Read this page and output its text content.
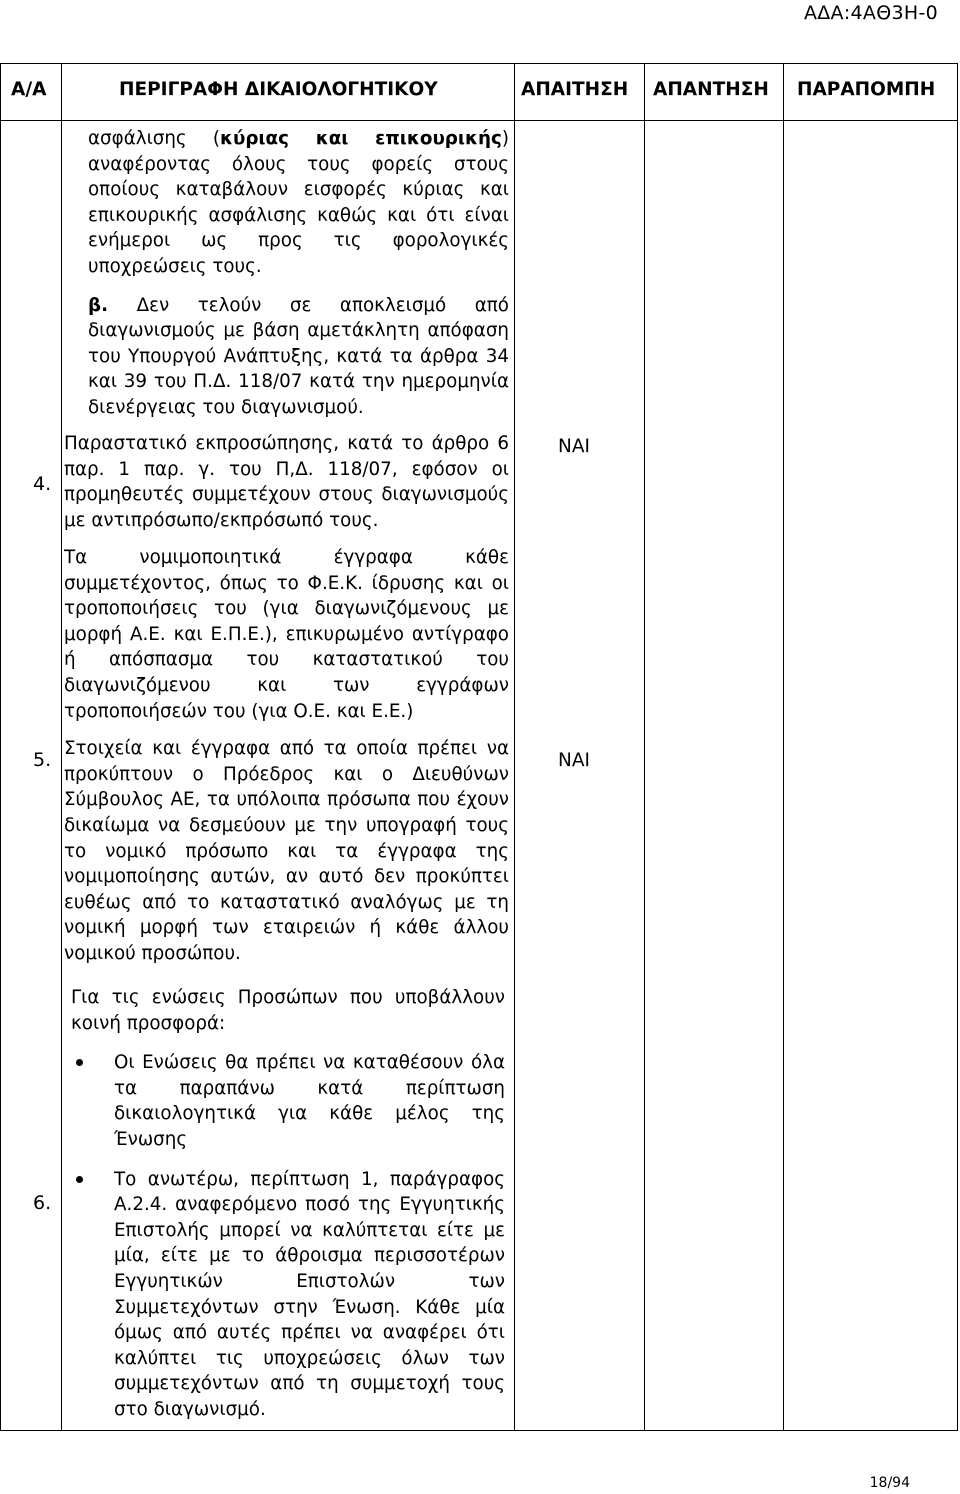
ΑΔΑ:4ΑΘ3Η-0
Α/Α	ΠΕΡΙΓΡΑΦΗ ΔΙΚΑΙΟΛΟΓΗΤΙΚΟΥ	ΑΠΑΙΤΗΣΗ ΑΠΑΝΤΗΣΗ ΠΑΡΑΠΟΜΠΗ

ασφάλισης (κύριας και επικουρικής) αναφέροντας όλους τους φορείς στους οποίους καταβάλουν εισφορές κύριας και επικουρικής ασφάλισης καθώς και ότι είναι ενήμεροι ως προς τις φορολογικές υποχρεώσεις τους.

β. Δεν τελούν σε αποκλεισμό από διαγωνισμούς με βάση αμετάκλητη απόφαση του Υπουργού Ανάπτυξης, κατά τα άρθρα 34 και 39 του Π.Δ. 118/07 κατά την ημερομηνία διενέργειας του διαγωνισμού.

4.
Παραστατικό εκπροσώπησης, κατά το άρθρο 6 παρ. 1 παρ. γ. του Π,Δ. 118/07, εφόσον οι προμηθευτές συμμετέχουν στους διαγωνισμούς με αντιπρόσωπο/εκπρόσωπό τους.
ΝΑΙ
5.

Τα νομιμοποιητικά έγγραφα κάθε συμμετέχοντος, όπως το Φ.Ε.Κ. ίδρυσης και οι τροποποιήσεις του (για διαγωνιζόμενους με μορφή Α.Ε. και Ε.Π.Ε.), επικυρωμένο αντίγραφο ή απόσπασμα του καταστατικού του διαγωνιζόμενου και των εγγράφων τροποποιήσεών του (για Ο.Ε. και Ε.Ε.)

Στοιχεία και έγγραφα από τα οποία πρέπει να προκύπτουν ο Πρόεδρος και ο Διευθύνων Σύμβουλος ΑΕ, τα υπόλοιπα πρόσωπα που έχουν δικαίωμα να δεσμεύουν με την υπογραφή τους το νομικό πρόσωπο και τα έγγραφα της νομιμοποίησης αυτών, αν αυτό δεν προκύπτει ευθέως από το καταστατικό αναλόγως με τη νομική μορφή των εταιρειών ή κάθε άλλου νομικού προσώπου.

ΝΑΙ
6.

Για τις ενώσεις Προσώπων που υποβάλλουν κοινή προσφορά:

Οι Ενώσεις θα πρέπει να καταθέσουν όλα τα παραπάνω κατά περίπτωση δικαιολογητικά για κάθε μέλος της Ένωσης
Το ανωτέρω, περίπτωση 1, παράγραφος Α.2.4. αναφερόμενο ποσό της Εγγυητικής Επιστολής μπορεί να καλύπτεται είτε με μία, είτε με το άθροισμα περισσοτέρων Εγγυητικών Επιστολών των Συμμετεχόντων στην Ένωση. Κάθε μία όμως από αυτές πρέπει να αναφέρει ότι καλύπτει τις υποχρεώσεις όλων των συμμετεχόντων από τη συμμετοχή τους στο διαγωνισμό.
18/94
